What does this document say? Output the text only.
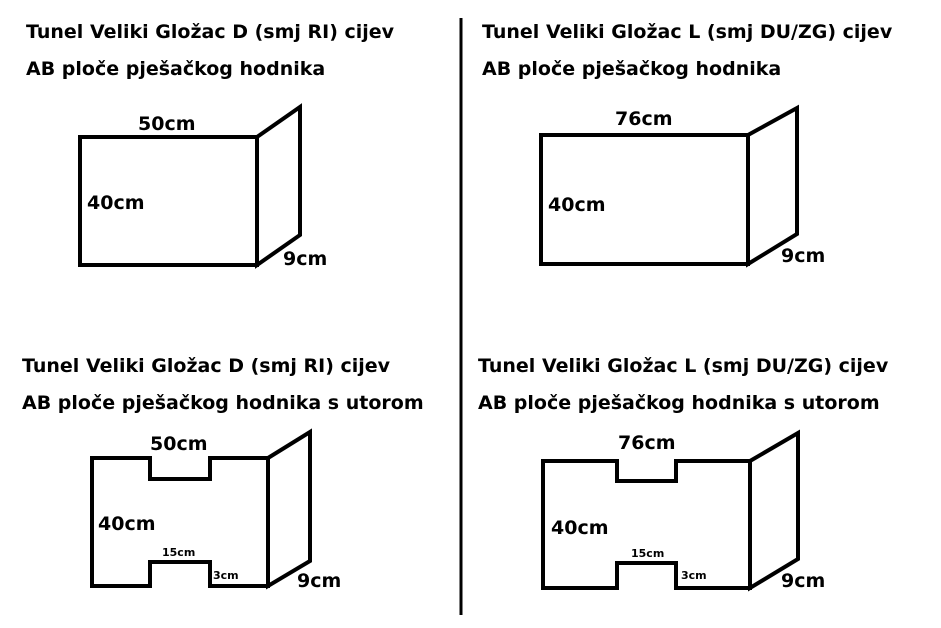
Tunel Veliki Gložac D (smj RI) cijev
AB ploče pješačkog hodnika
Tunel Veliki Gložac L (smj DU/ZG) cijev
AB ploče pješačkog hodnika
Tunel Veliki Gložac D (smj RI) cijev
AB ploče pješačkog hodnika s utorom
Tunel Veliki Gložac L (smj DU/ZG) cijev
AB ploče pješačkog hodnika s utorom
50cm
40cm
9cm
76cm
40cm
9cm
50cm
40cm
15cm
3cm	9cm
76cm
40cm
15cm
3cm	9cm
